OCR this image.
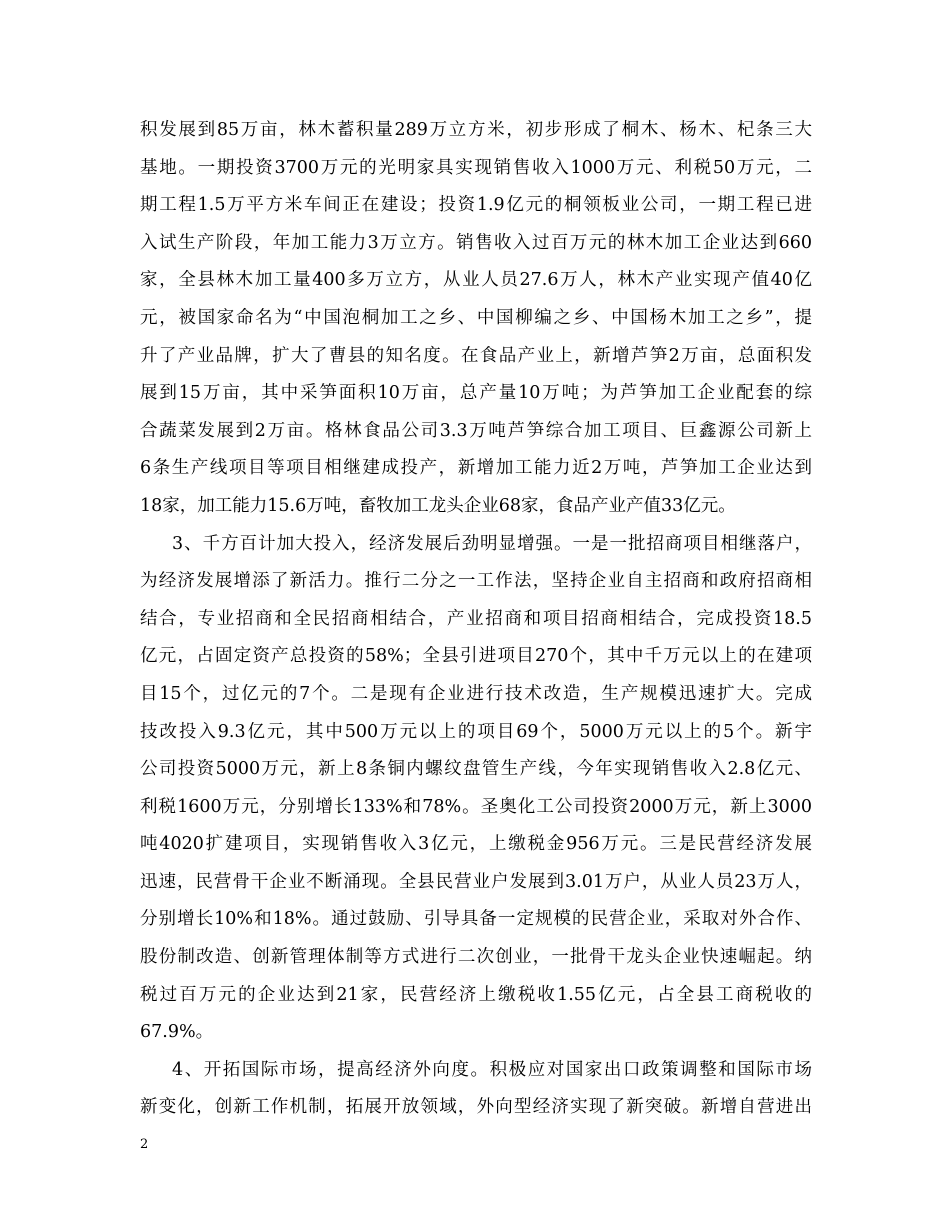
积发展到85万亩，林木蓄积量289万立方米，初步形成了桐木、杨木、杞条三大
基地。一期投资3700万元的光明家具实现销售收入1000万元、利税50万元，二
期工程1.5万平方米车间正在建设；投资1.9亿元的桐领板业公司，一期工程已进
入试生产阶段，年加工能力3万立方。销售收入过百万元的林木加工企业达到660
家，全县林木加工量400多万立方，从业人员27.6万人，林木产业实现产值40亿
元，被国家命名为“中国泡桐加工之乡、中国柳编之乡、中国杨木加工之乡”，提
升了产业品牌，扩大了曹县的知名度。在食品产业上，新增芦笋2万亩，总面积发
展到15万亩，其中采笋面积10万亩，总产量10万吨；为芦笋加工企业配套的综
合蔬菜发展到2万亩。格林食品公司3.3万吨芦笋综合加工项目、巨鑫源公司新上
6条生产线项目等项目相继建成投产，新增加工能力近2万吨，芦笋加工企业达到
18家，加工能力15.6万吨，畜牧加工龙头企业68家，食品产业产值33亿元。
3、千方百计加大投入，经济发展后劲明显增强。一是一批招商项目相继落户，
为经济发展增添了新活力。推行二分之一工作法，坚持企业自主招商和政府招商相
结合，专业招商和全民招商相结合，产业招商和项目招商相结合，完成投资18.5
亿元，占固定资产总投资的58%；全县引进项目270个，其中千万元以上的在建项
目15个，过亿元的7个。二是现有企业进行技术改造，生产规模迅速扩大。完成
技改投入9.3亿元，其中500万元以上的项目69个，5000万元以上的5个。新宇
公司投资5000万元，新上8条铜内螺纹盘管生产线，今年实现销售收入2.8亿元、
利税1600万元，分别增长133%和78%。圣奥化工公司投资2000万元，新上3000
吨4020扩建项目，实现销售收入3亿元，上缴税金956万元。三是民营经济发展
迅速，民营骨干企业不断涌现。全县民营业户发展到3.01万户，从业人员23万人，
分别增长10%和18%。通过鼓励、引导具备一定规模的民营企业，采取对外合作、
股份制改造、创新管理体制等方式进行二次创业，一批骨干龙头企业快速崛起。纳
税过百万元的企业达到21家，民营经济上缴税收1.55亿元，占全县工商税收的
67.9%。
4、开拓国际市场，提高经济外向度。积极应对国家出口政策调整和国际市场
新变化，创新工作机制，拓展开放领域，外向型经济实现了新突破。新增自营进出
2
